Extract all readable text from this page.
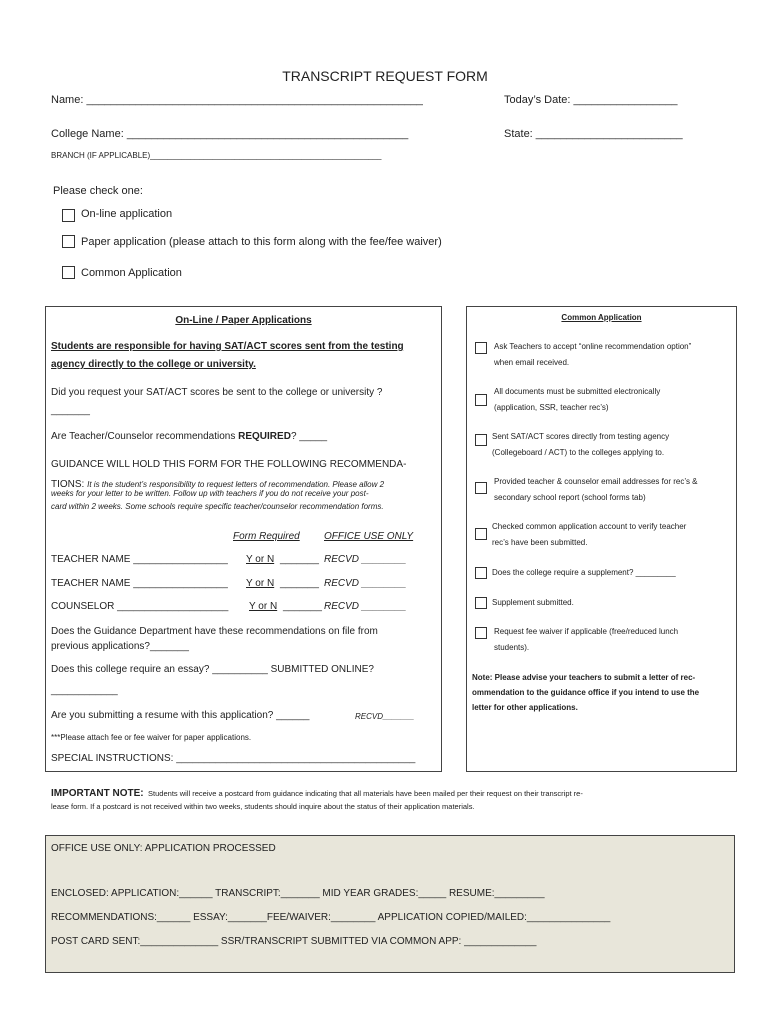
TRANSCRIPT REQUEST FORM
Name: _______________________________________________________	Today’s Date: _________________
College Name: ______________________________________________	State: ________________________
BRANCH (IF APPLICABLE)____________________________________________________
Please check one:
On-line application
Paper application (please attach to this form along with the fee/fee waiver)
Common Application
On-Line / Paper Applications
Students are responsible for having SAT/ACT scores sent from the testing
agency directly to the college or university.
Did you request your SAT/ACT scores be sent to the college or university ?
_______
Are Teacher/Counselor recommendations REQUIRED? _____
GUIDANCE WILL HOLD THIS FORM FOR THE FOLLOWING RECOMMENDA-
TIONS: It is the student’s responsibility to request letters of recommendation. Please allow 2
weeks for your letter to be written. Follow up with teachers if you do not receive your post-
card within 2 weeks. Some schools require specific teacher/counselor recommendation forms.
Form Required OFFICE USE ONLY
TEACHER NAME _________________ Y or N _______ RECVD ________
TEACHER NAME _________________ Y or N _______ RECVD ________
COUNSELOR ____________________ Y or N _______ RECVD ________
Does the Guidance Department have these recommendations on file from
previous applications?_______
Does this college require an essay? __________ SUBMITTED ONLINE?
____________
Are you submitting a resume with this application? ______	RECVD_______
***Please attach fee or fee waiver for paper applications.
SPECIAL INSTRUCTIONS: ___________________________________________
Common Application
Ask Teachers to accept “online recommendation option”
when email received.
All documents must be submitted electronically
(application, SSR, teacher rec’s)
Sent SAT/ACT scores directly from testing agency
(Collegeboard / ACT) to the colleges applying to.
Provided teacher & counselor email addresses for rec’s &
secondary school report (school forms tab)
Checked common application account to verify teacher
rec’s have been submitted.
Does the college require a supplement? _________
Supplement submitted.
Request fee waiver if applicable (free/reduced lunch
students).
Note: Please advise your teachers to submit a letter of rec-
ommendation to the guidance office if you intend to use the
letter for other applications.
IMPORTANT NOTE: Students will receive a postcard from guidance indicating that all materials have been mailed per their request on their transcript re-
lease form. If a postcard is not received within two weeks, students should inquire about the status of their application materials.
OFFICE USE ONLY: APPLICATION PROCESSED
ENCLOSED: APPLICATION:______ TRANSCRIPT:_______ MID YEAR GRADES:_____ RESUME:_________
RECOMMENDATIONS:______ ESSAY:_______FEE/WAIVER:________ APPLICATION COPIED/MAILED:_______________
POST CARD SENT:______________ SSR/TRANSCRIPT SUBMITTED VIA COMMON APP: _____________
